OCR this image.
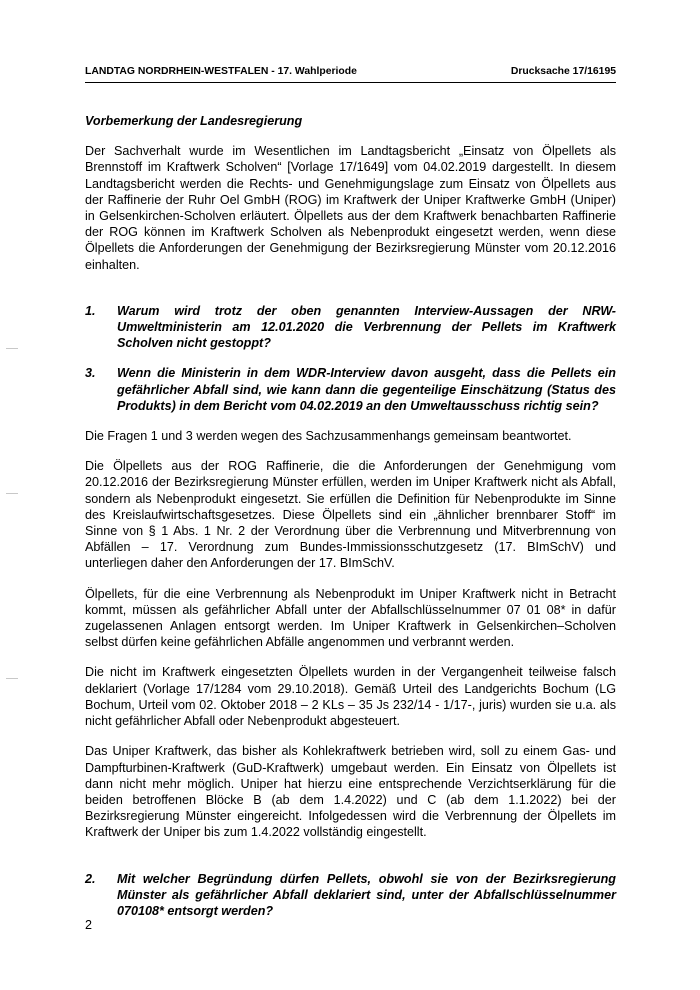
LANDTAG NORDRHEIN-WESTFALEN - 17. Wahlperiode	Drucksache 17/16195
Vorbemerkung der Landesregierung

Der Sachverhalt wurde im Wesentlichen im Landtagsbericht „Einsatz von Ölpellets als Brennstoff im Kraftwerk Scholven“ [Vorlage 17/1649] vom 04.02.2019 dargestellt. In diesem Landtagsbericht werden die Rechts- und Genehmigungslage zum Einsatz von Ölpellets aus der Raffinerie der Ruhr Oel GmbH (ROG) im Kraftwerk der Uniper Kraftwerke GmbH (Uniper) in Gelsenkirchen-Scholven erläutert. Ölpellets aus der dem Kraftwerk benachbarten Raffinerie der ROG können im Kraftwerk Scholven als Nebenprodukt eingesetzt werden, wenn diese Ölpellets die Anforderungen der Genehmigung der Bezirksregierung Münster vom 20.12.2016 einhalten.

1.	Warum wird trotz der oben genannten Interview-Aussagen der NRW-Umweltministerin am 12.01.2020 die Verbrennung der Pellets im Kraftwerk Scholven nicht gestoppt?
3.	Wenn die Ministerin in dem WDR-Interview davon ausgeht, dass die Pellets ein gefährlicher Abfall sind, wie kann dann die gegenteilige Einschätzung (Status des Produkts) in dem Bericht vom 04.02.2019 an den Umweltausschuss richtig sein?

Die Fragen 1 und 3 werden wegen des Sachzusammenhangs gemeinsam beantwortet.

Die Ölpellets aus der ROG Raffinerie, die die Anforderungen der Genehmigung vom 20.12.2016 der Bezirksregierung Münster erfüllen, werden im Uniper Kraftwerk nicht als Abfall, sondern als Nebenprodukt eingesetzt. Sie erfüllen die Definition für Nebenprodukte im Sinne des Kreislaufwirtschaftsgesetzes. Diese Ölpellets sind ein „ähnlicher brennbarer Stoff“ im Sinne von § 1 Abs. 1 Nr. 2 der Verordnung über die Verbrennung und Mitverbrennung von Abfällen – 17. Verordnung zum Bundes-Immissionsschutzgesetz (17. BImSchV) und unterliegen daher den Anforderungen der 17. BImSchV.

Ölpellets, für die eine Verbrennung als Nebenprodukt im Uniper Kraftwerk nicht in Betracht kommt, müssen als gefährlicher Abfall unter der Abfallschlüsselnummer 07 01 08* in dafür zugelassenen Anlagen entsorgt werden. Im Uniper Kraftwerk in Gelsenkirchen–Scholven selbst dürfen keine gefährlichen Abfälle angenommen und verbrannt werden.

Die nicht im Kraftwerk eingesetzten Ölpellets wurden in der Vergangenheit teilweise falsch deklariert (Vorlage 17/1284 vom 29.10.2018). Gemäß Urteil des Landgerichts Bochum (LG Bochum, Urteil vom 02. Oktober 2018 – 2 KLs – 35 Js 232/14 - 1/17-, juris) wurden sie u.a. als nicht gefährlicher Abfall oder Nebenprodukt abgesteuert.

Das Uniper Kraftwerk, das bisher als Kohlekraftwerk betrieben wird, soll zu einem Gas- und Dampfturbinen-Kraftwerk (GuD-Kraftwerk) umgebaut werden. Ein Einsatz von Ölpellets ist dann nicht mehr möglich. Uniper hat hierzu eine entsprechende Verzichtserklärung für die beiden betroffenen Blöcke B (ab dem 1.4.2022) und C (ab dem 1.1.2022) bei der Bezirksregierung Münster eingereicht. Infolgedessen wird die Verbrennung der Ölpellets im Kraftwerk der Uniper bis zum 1.4.2022 vollständig eingestellt.

2.	Mit welcher Begründung dürfen Pellets, obwohl sie von der Bezirksregierung Münster als gefährlicher Abfall deklariert sind, unter der Abfallschlüsselnummer 070108* entsorgt werden?
2
